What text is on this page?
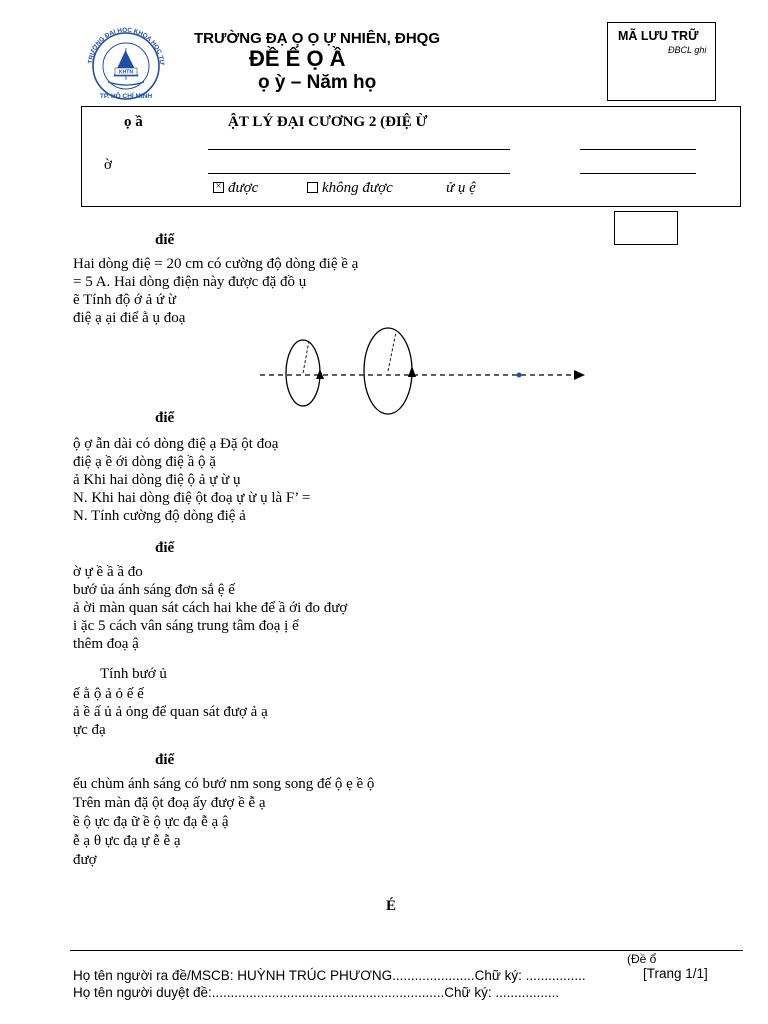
TRƯỜNG ĐẠI HỌC KHOA HỌC TỰ
KHTN
TP. HỒ CHÍ MINH
TRƯỜNG ĐẠ Ọ Ọ Ự NHIÊN, ĐHQG
ĐỀ Ế Ọ Ầ
ọ ỳ – Năm họ
MÃ LƯU TRỮ
ĐBCL ghi
ọ ầ	ẬT LÝ ĐẠI CƯƠNG 2 (ĐIỆ Ừ
ờ
×được	không được	ử ụ ệ
điể
Hai dòng điệ = 20 cm có cường độ dòng điệ ề ạ
= 5 A. Hai dòng điện này được đặ đồ ụ
ẽ Tính độ ớ ả ứ ừ
điệ ạ ại điể ằ ụ đoạ
điể
ộ ợ ẫn dài có dòng điệ ạ Đặ ột đoạ
điệ ạ ề ới dòng điệ ầ ộ ặ
ả Khi hai dòng điệ ộ ả ự ừ ụ
N. Khi hai dòng điệ ột đoạ ự ừ ụ là F’ =
N. Tính cường độ dòng điệ ả
điể
ờ ự ề ầ ầ đo
bướ ủa ánh sáng đơn sắ ệ ế
ả ời màn quan sát cách hai khe để ầ ới đo đượ
i ặc 5 cách vân sáng trung tâm đoạ ị ể
thêm đoạ ậ
Tính bướ ủ
ế ằ ộ ả ỏ ế ế
ả ề ấ ủ ả ỏng để quan sát đượ ả ạ
ực đạ
điể
ếu chùm ánh sáng có bướ nm song song đế ộ ẹ ề ộ
Trên màn đặ ột đoạ ấy đượ ề ễ ạ
ề ộ ực đạ ữ ề ộ ực đạ ễ ạ ậ
ễ ạ θ ực đạ ự ễ ễ ạ
đượ
É
(Đề ổ
Họ tên người ra đề/MSCB: HUỲNH TRÚC PHƯƠNG......................Chữ ký: ................	[Trang 1/1]
Họ tên người duyệt đề:..............................................................Chữ ký: .................
